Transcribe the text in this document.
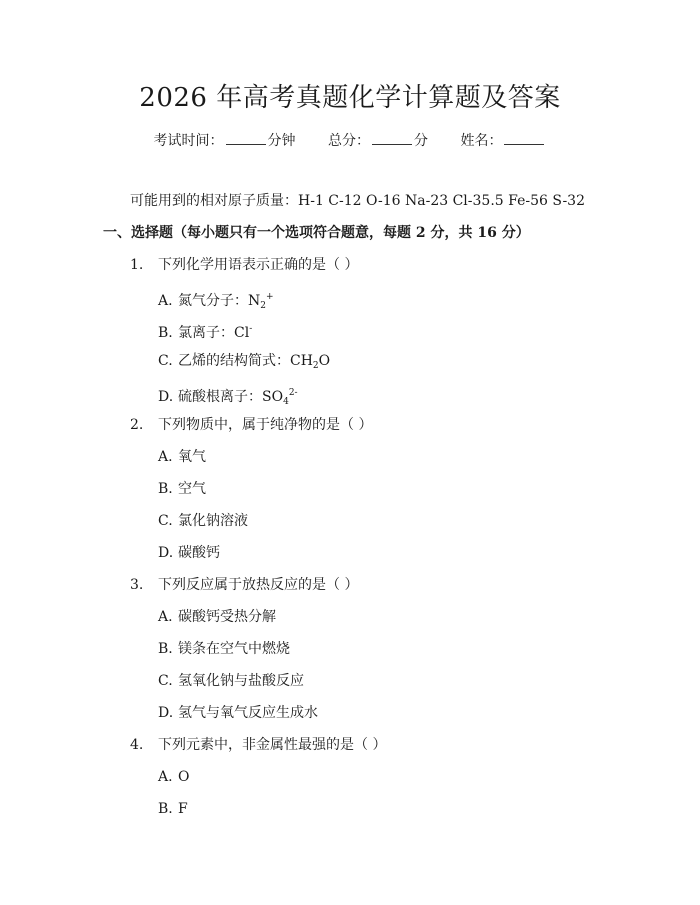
2026 年高考真题化学计算题及答案
考试时间：	分钟 总分：	分 姓名：
可能用到的相对原子质量：H-1 C-12 O-16 Na-23 Cl-35.5 Fe-56 S-32
一、选择题（每小题只有一个选项符合题意，每题 2 分，共 16 分）
1. 下列化学用语表示正确的是（ ）
A. 氮气分子：$N_2^+$
B. 氯离子：Cl-
C. 乙烯的结构简式：$CH_2O$
D. 硫酸根离子：$SO_4^{2-}$
2. 下列物质中，属于纯净物的是（ ）
A. 氧气
B. 空气
C. 氯化钠溶液
D. 碳酸钙
3. 下列反应属于放热反应的是（ ）
A. 碳酸钙受热分解
B. 镁条在空气中燃烧
C. 氢氧化钠与盐酸反应
D. 氢气与氧气反应生成水
4. 下列元素中，非金属性最强的是（ ）
A. O
B. F
